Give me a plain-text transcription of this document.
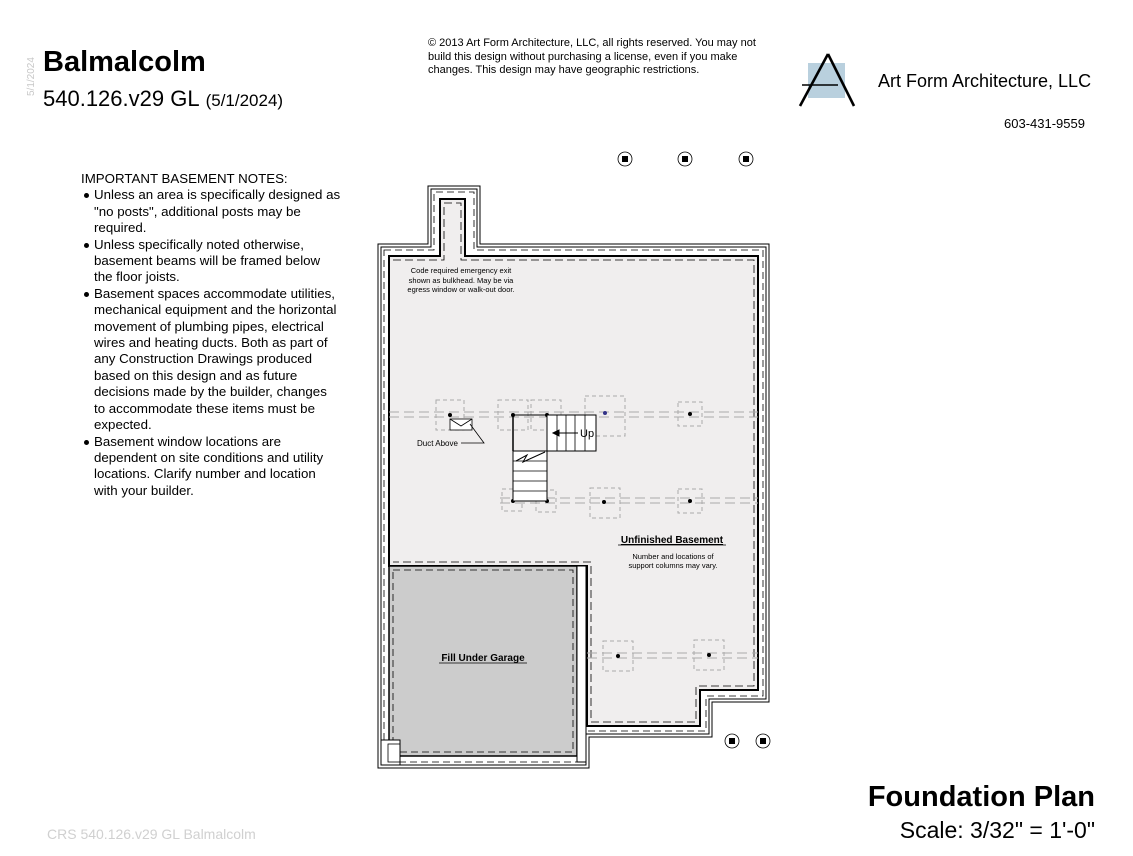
5/1/2024 Balmalcolm
540.126.v29 GL (5/1/2024)
© 2013 Art Form Architecture, LLC, all rights reserved. You may not build this design without purchasing a license, even if you make changes. This design may have geographic restrictions.
Art Form Architecture, LLC
603-431-9559
IMPORTANT BASEMENT NOTES:
Unless an area is specifically designed as "no posts", additional posts may be required.
Unless specifically noted otherwise, basement beams will be framed below the floor joists.
Basement spaces accommodate utilities, mechanical equipment and the horizontal movement of plumbing pipes, electrical wires and heating ducts. Both as part of any Construction Drawings produced based on this design and as future decisions made by the builder, changes to accommodate these items must be expected.
Basement window locations are dependent on site conditions and utility locations. Clarify number and location with your builder.
Up
Duct Above
Code required emergency exit
shown as bulkhead. May be via
egress window or walk-out door.
Unfinished Basement
Number and locations of
support columns may vary.
Fill Under Garage
Foundation Plan
Scale: 3/32" = 1'-0"
CRS 540.126.v29 GL Balmalcolm
